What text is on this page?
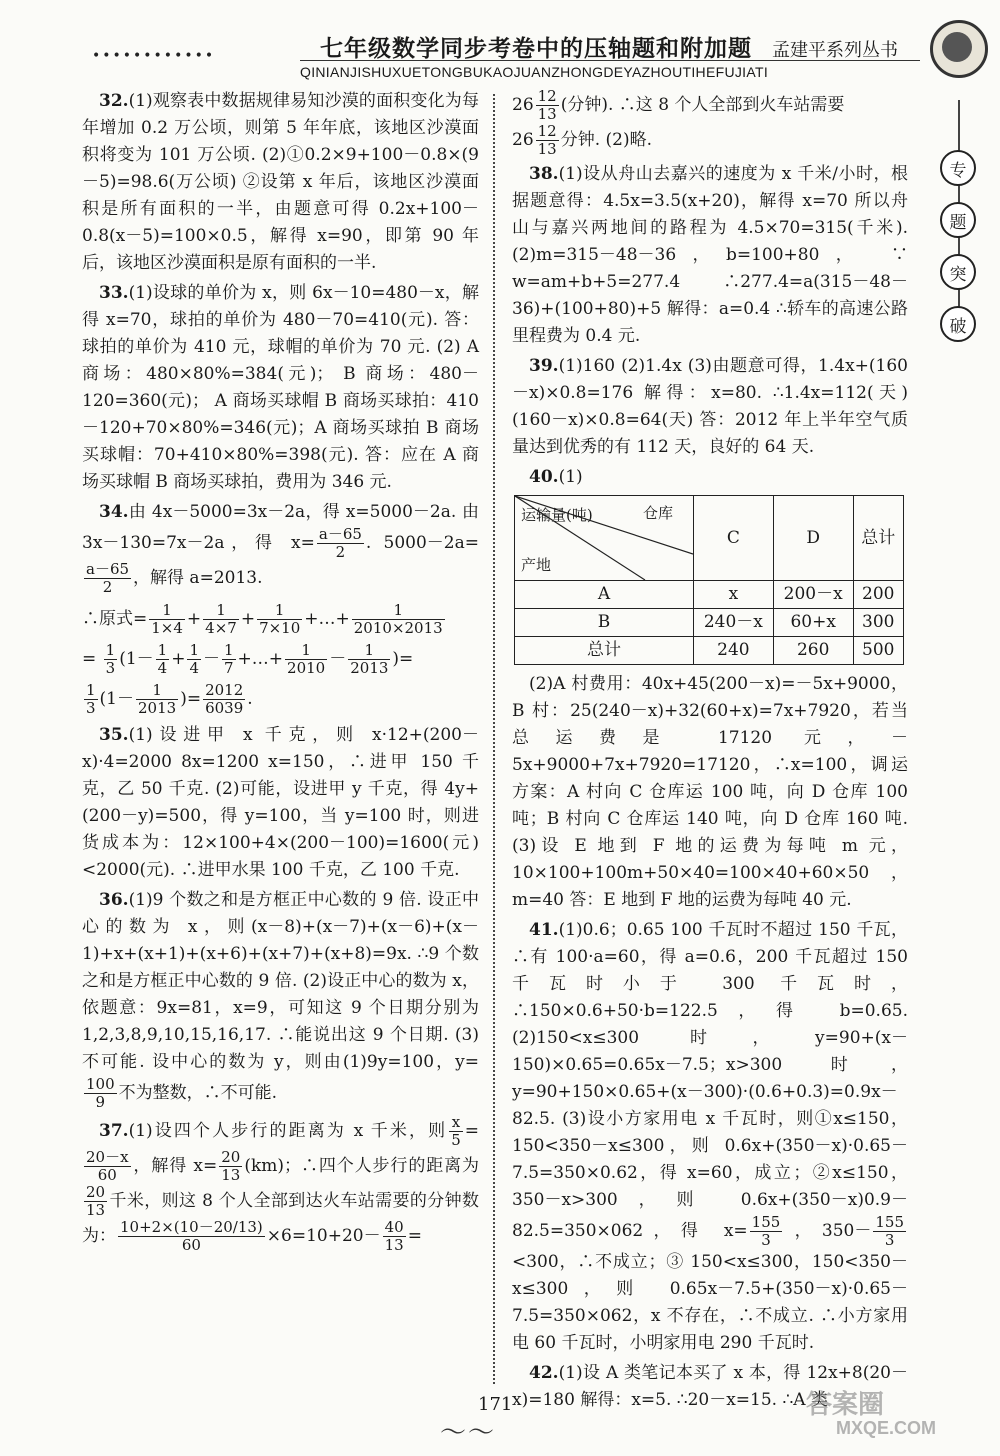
••••••••••••	七年级数学同步考卷中的压轴题和附加题 孟建平系列丛书
QINIANJISHUXUETONGBUKAOJUANZHONGDEYAZHOUTIHEFUJIATI
专
题
突
破

 32.(1)观察表中数据规律易知沙漠的面积变化为每年增加 0.2 万公顷，则第 5 年年底，该地区沙漠面积将变为 101 万公顷. (2)①0.2×9+100－0.8×(9－5)=98.6(万公顷) ②设第 x 年后，该地区沙漠面积是所有面积的一半，由题意可得 0.2x+100－0.8(x－5)=100×0.5，解得 x=90，即第 90 年后，该地区沙漠面积是原有面积的一半.

 33.(1)设球的单价为 x，则 6x－10=480－x，解得 x=70，球拍的单价为 480－70=410(元). 答：球拍的单价为 410 元，球帽的单价为 70 元. (2) A 商场：480×80%=384(元)； B 商场：480－120=360(元)； A 商场买球帽 B 商场买球拍：410－120+70×80%=346(元)；A 商场买球拍 B 商场买球帽：70+410×80%=398(元). 答：应在 A 商场买球帽 B 商场买球拍，费用为 346 元.

 34.由 4x－5000=3x－2a，得 x=5000－2a. 由 3x－130=7x－2a，得 $x= \frac{a-65}{2}$ . 5000－2a=
$\frac{a-65}{2}$ ，解得 a=2013.

∴原式= $\frac{1}{1\times 4} + \frac{1}{4\times 7} + \frac{1}{7\times 10}$ +…+ $\frac{1}{2010\times 2013}$

= $\frac{1}{3} (1- \frac{1}{4} + \frac{1}{4} - \frac{1}{7}$ +…+ $\frac{1}{2010} - \frac{1}{2013}$ )=

$\frac{1}{3} (1- \frac{1}{2013}$ )= $\frac{2012}{6039}$ .

 35.(1)设进甲 x 千克，则 x·12+(200－x)·4=2000 8x=1200 x=150，∴进甲 150 千克，乙 50 千克. (2)可能，设进甲 y 千克，得 4y+(200－y)=500，得 y=100，当 y=100 时，则进货成本为：12×100+4×(200－100)=1600(元)<2000(元). ∴进甲水果 100 千克，乙 100 千克.

 36.(1)9 个数之和是方框正中心数的 9 倍. 设正中心的数为 x，则(x－8)+(x－7)+(x－6)+(x－1)+x+(x+1)+(x+6)+(x+7)+(x+8)=9x. ∴9 个数之和是方框正中心数的 9 倍. (2)设正中心的数为 x，依题意：9x=81，x=9，可知这 9 个日期分别为 1,2,3,8,9,10,15,16,17. ∴能说出这 9 个日期. (3)不可能. 设中心的数为 y，则由(1)9y=100，y=
$\frac{100}{9}$ 不为整数，∴不可能.

 37.(1)设四个人步行的距离为 x 千米，则 $\frac{x}{5}$ =
$\frac{20-x}{60}$ ，解得 $x= \frac{20}{13} (km)$；∴四个人步行的距离为
$\frac{20}{13}$ 千米，则这 8 个人全部到达火车站需要的分钟数为： $\frac{10+2\times(10-20/13)}{60} \times 6=10+20- \frac{40}{13}$ =

$26 \frac{12}{13}$ (分钟). ∴这 8 个人全部到火车站需要
$26 \frac{12}{13}$ 分钟. (2)略.

 38.(1)设从舟山去嘉兴的速度为 x 千米/小时，根据题意得：4.5x=3.5(x+20)，解得 x=70 所以舟山与嘉兴两地间的路程为 4.5×70=315(千米). (2)m=315－48－36，b=100+80， ∵ w=am+b+5=277.4 ∴277.4=a(315－48－36)+(100+80)+5 解得：a=0.4 ∴轿车的高速公路里程费为 0.4 元.

 39.(1)160 (2)1.4x (3)由题意可得，1.4x+(160－x)×0.8=176 解得：x=80. ∴1.4x=112(天) (160－x)×0.8=64(天) 答：2012 年上半年空气质量达到优秀的有 112 天，良好的 64 天.

 40.(1)

运输量(吨) 仓库
产地	C	D	总计
A	x	200－x	200
B	240－x	60+x	300
总计	240	260	500

 (2)A 村费用：40x+45(200－x)=－5x+9000，B 村：25(240－x)+32(60+x)=7x+7920，若当总运费是 17120 元，－5x+9000+7x+7920=17120，∴x=100，调运方案：A 村向 C 仓库运 100 吨，向 D 仓库 100 吨；B 村向 C 仓库运 140 吨，向 D 仓库 160 吨. (3)设 E 地到 F 地的运费为每吨 m 元，10×100+100m+50×40=100×40+60×50，m=40 答：E 地到 F 地的运费为每吨 40 元.

 41.(1)0.6；0.65 100 千瓦时不超过 150 千瓦，∴有 100·a=60，得 a=0.6，200 千瓦超过 150 千瓦时小于 300 千瓦时，∴150×0.6+50·b=122.5，得 b=0.65. (2)150<x≤300 时，y=90+(x－150)×0.65=0.65x－7.5；x>300 时，y=90+150×0.65+(x－300)·(0.6+0.3)=0.9x－82.5. (3)设小方家用电 x 千瓦时，则①x≤150，150<350－x≤300，则 0.6x+(350－x)·0.65－7.5=350×0.62，得 x=60，成立；②x≤150，350－x>300，则 0.6x+(350－x)0.9－82.5=350×062，得 $x= \frac{155}{3}$ ，$350- \frac{155}{3}$
<300，∴不成立；③ 150<x≤300，150<350－x≤300，则 0.65x－7.5+(350－x)·0.65－7.5=350×062，x 不存在，∴不成立. ∴小方家用电 60 千瓦时，小明家用电 290 千瓦时.

 42.(1)设 A 类笔记本买了 x 本，得 12x+8(20－x)=180 解得：x=5. ∴20－x=15. ∴A 类

171
〜〜
答案圈
MXQE.COM
